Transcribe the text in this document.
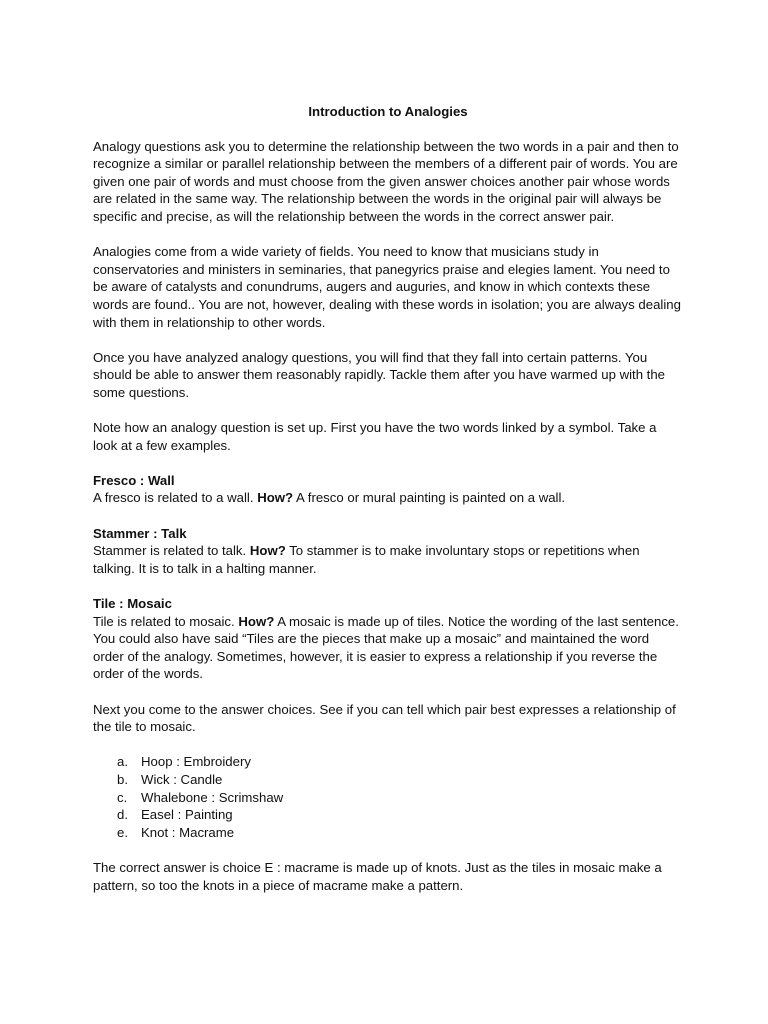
Introduction to Analogies

Analogy questions ask you to determine the relationship between the two words in a pair and then to recognize a similar or parallel relationship between the members of a different pair of words. You are given one pair of words and must choose from the given answer choices another pair whose words are related in the same way. The relationship between the words in the original pair will always be specific and precise, as will the relationship between the words in the correct answer pair.

Analogies come from a wide variety of fields. You need to know that musicians study in conservatories and ministers in seminaries, that panegyrics praise and elegies lament. You need to be aware of catalysts and conundrums, augers and auguries, and know in which contexts these words are found.. You are not, however, dealing with these words in isolation; you are always dealing with them in relationship to other words.

Once you have analyzed analogy questions, you will find that they fall into certain patterns. You should be able to answer them reasonably rapidly. Tackle them after you have warmed up with the some questions.

Note how an analogy question is set up. First you have the two words linked by a symbol. Take a look at a few examples.

Fresco : Wall
A fresco is related to a wall. How? A fresco or mural painting is painted on a wall.
Stammer : Talk
Stammer is related to talk. How? To stammer is to make involuntary stops or repetitions when talking. It is to talk in a halting manner.
Tile : Mosaic
Tile is related to mosaic. How? A mosaic is made up of tiles. Notice the wording of the last sentence. You could also have said “Tiles are the pieces that make up a mosaic” and maintained the word order of the analogy. Sometimes, however, it is easier to express a relationship if you reverse the order of the words.

Next you come to the answer choices. See if you can tell which pair best expresses a relationship of the tile to mosaic.

a. Hoop : Embroidery
b. Wick : Candle
c. Whalebone : Scrimshaw
d. Easel : Painting
e. Knot : Macrame

The correct answer is choice E : macrame is made up of knots. Just as the tiles in mosaic make a pattern, so too the knots in a piece of macrame make a pattern.
